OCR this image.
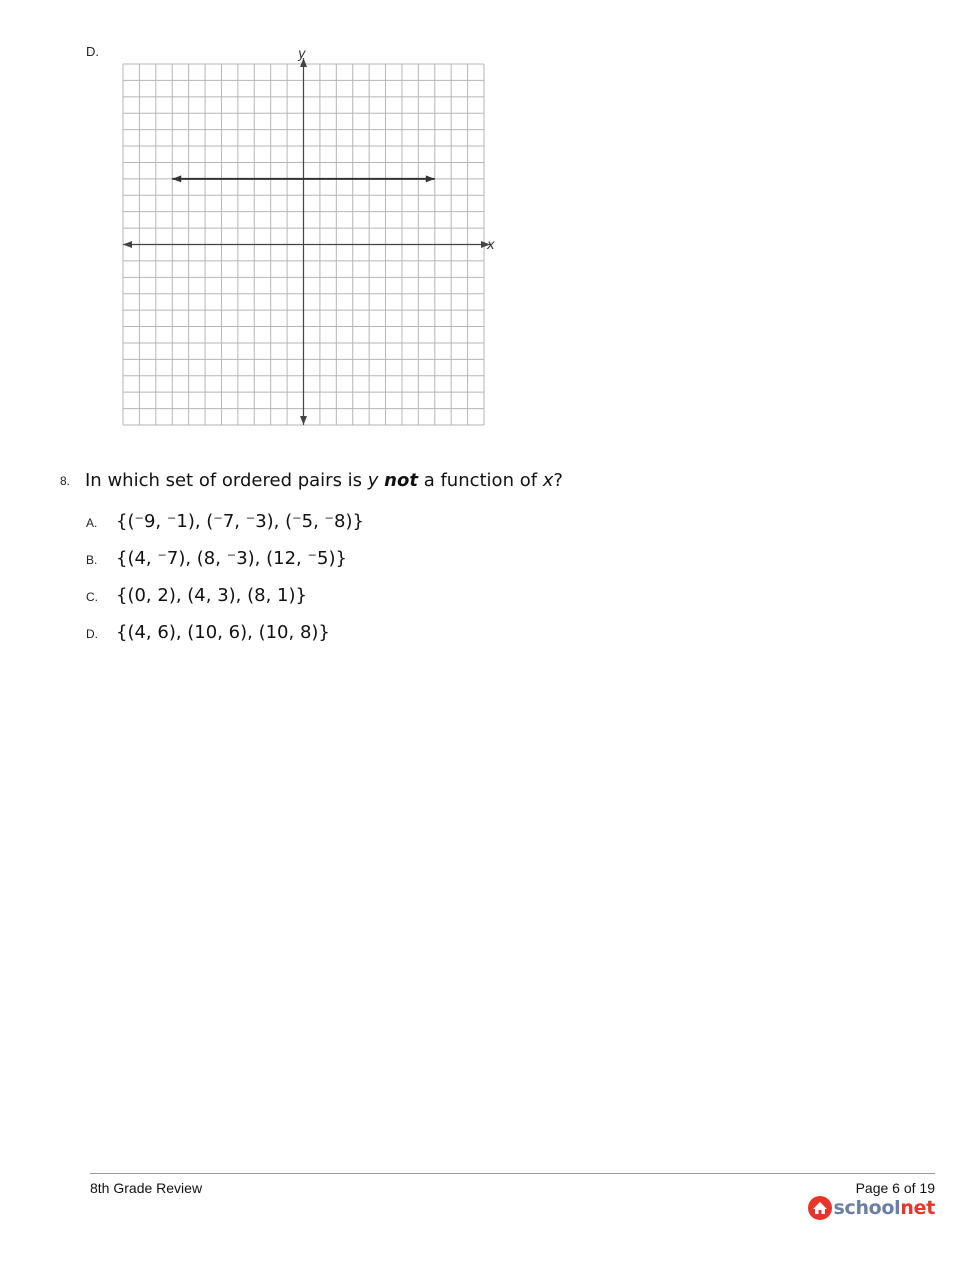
D.
x
y
8. In which set of ordered pairs is y not a function of x?
A. {(⁻9, ⁻1), (⁻7, ⁻3), (⁻5, ⁻8)}
B. {(4, ⁻7), (8, ⁻3), (12, ⁻5)}
C. {(0, 2), (4, 3), (8, 1)}
D. {(4, 6), (10, 6), (10, 8)}
8th Grade Review	Page 6 of 19
schoolnet
